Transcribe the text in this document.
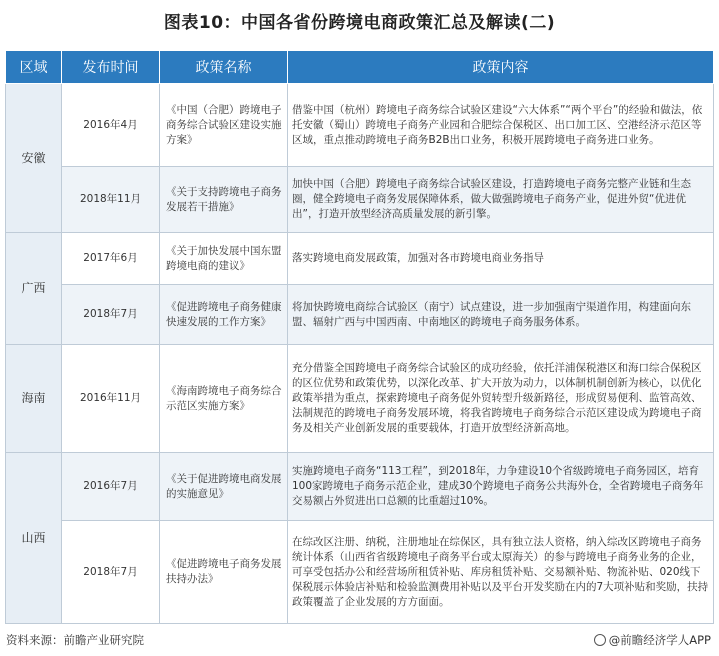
图表10：中国各省份跨境电商政策汇总及解读(二)
区域	发布时间	政策名称	政策内容
安徽	2016年4月	《中国（合肥）跨境电子商务综合试验区建设实施方案》	借鉴中国（杭州）跨境电子商务综合试验区建设“六大体系”“两个平台”的经验和做法，依托安徽（蜀山）跨境电子商务产业园和合肥综合保税区、出口加工区、空港经济示范区等区域，重点推动跨境电子商务B2B出口业务，积极开展跨境电子商务进口业务。
	2018年11月	《关于支持跨境电子商务发展若干措施》	加快中国（合肥）跨境电子商务综合试验区建设，打造跨境电子商务完整产业链和生态圈，健全跨境电子商务发展保障体系，做大做强跨境电子商务产业，促进外贸“优进优出”，打造开放型经济高质量发展的新引擎。
广西	2017年6月	《关于加快发展中国东盟跨境电商的建议》	落实跨境电商发展政策，加强对各市跨境电商业务指导
	2018年7月	《促进跨境电子商务健康快速发展的工作方案》	将加快跨境电商综合试验区（南宁）试点建设，进一步加强南宁渠道作用，构建面向东盟、辐射广西与中国西南、中南地区的跨境电子商务服务体系。
海南	2016年11月	《海南跨境电子商务综合示范区实施方案》	充分借鉴全国跨境电子商务综合试验区的成功经验，依托洋浦保税港区和海口综合保税区的区位优势和政策优势，以深化改革、扩大开放为动力，以体制机制创新为核心，以优化政策举措为重点，探索跨境电子商务促外贸转型升级新路径，形成贸易便利、监管高效、法制规范的跨境电子商务发展环境，将我省跨境电子商务综合示范区建设成为跨境电子商务及相关产业创新发展的重要载体，打造开放型经济新高地。
山西	2016年7月	《关于促进跨境电商发展的实施意见》	实施跨境电子商务“113工程”，到2018年，力争建设10个省级跨境电子商务园区，培育100家跨境电子商务示范企业，建成30个跨境电子商务公共海外仓，全省跨境电子商务年交易额占外贸进出口总额的比重超过10%。
	2018年7月	《促进跨境电子商务发展扶持办法》	在综改区注册、纳税，注册地址在综保区，具有独立法人资格，纳入综改区跨境电子商务统计体系（山西省省级跨境电子商务平台或太原海关）的参与跨境电子商务业务的企业，可享受包括办公和经营场所租赁补贴、库房租赁补贴、交易额补贴、物流补贴、020线下保税展示体验店补贴和检验监测费用补贴以及平台开发奖励在内的7大项补贴和奖励，扶持政策覆盖了企业发展的方方面面。
资料来源：前瞻产业研究院	@前瞻经济学人APP
